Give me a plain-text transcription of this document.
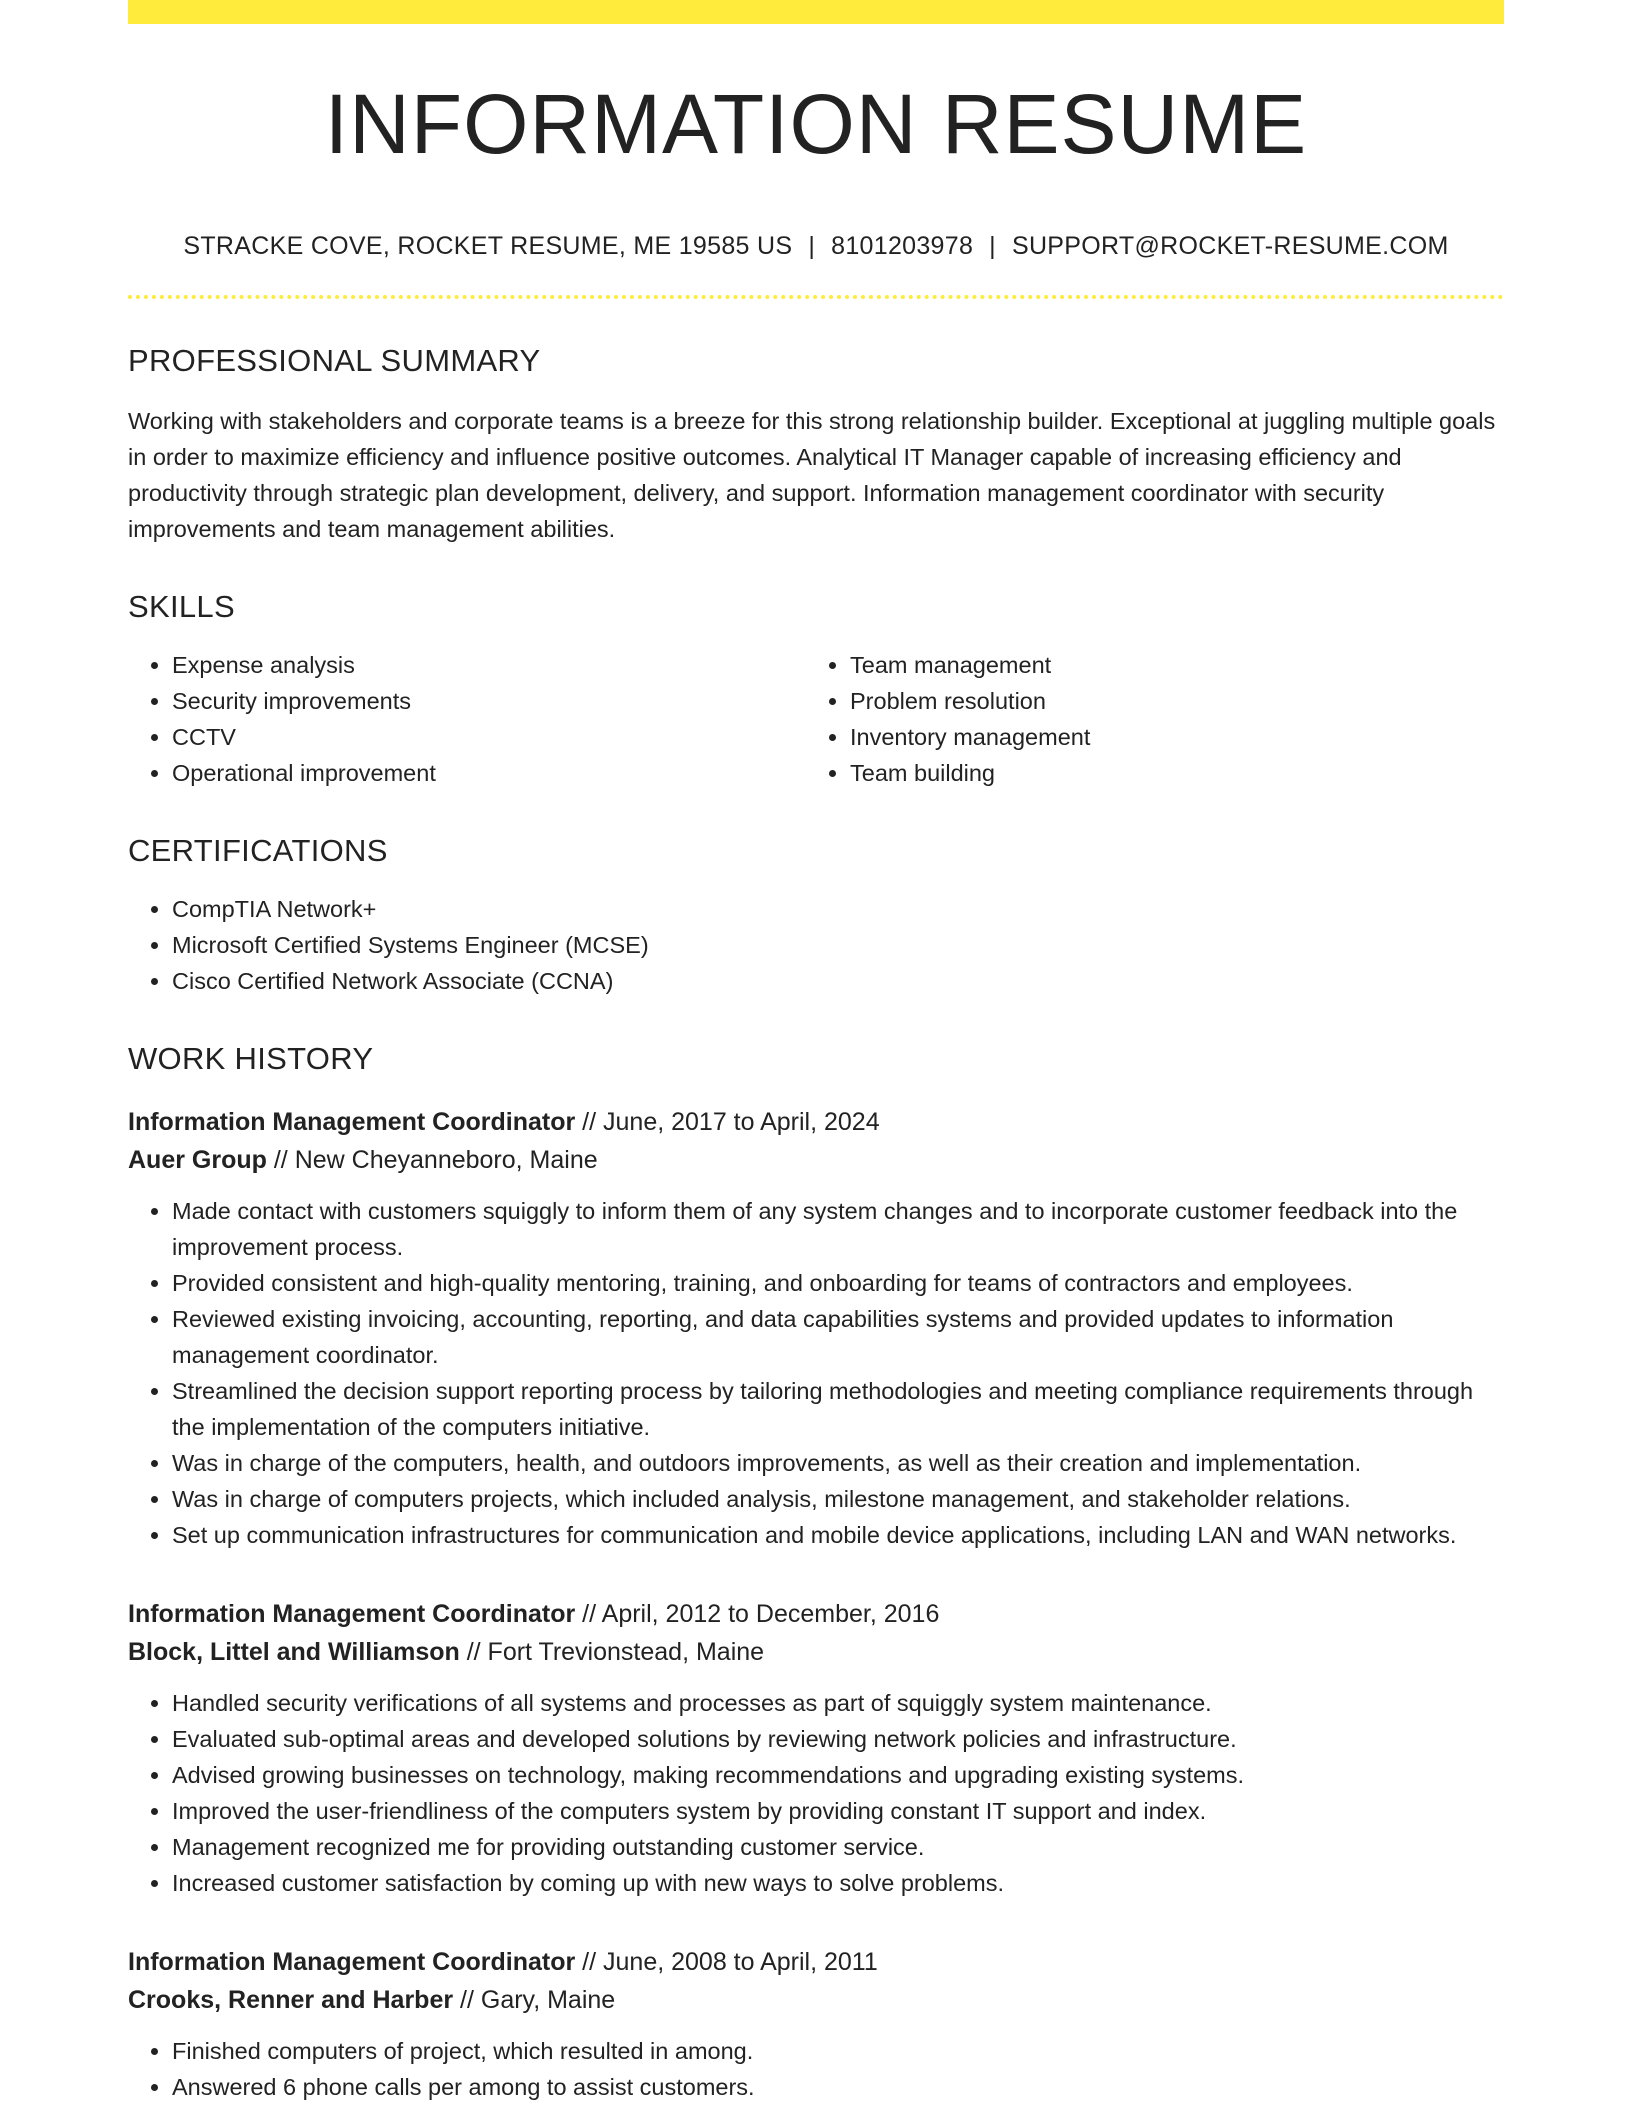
INFORMATION RESUME
STRACKE COVE, ROCKET RESUME, ME 19585 US | 8101203978 | SUPPORT@ROCKET-RESUME.COM
PROFESSIONAL SUMMARY
Working with stakeholders and corporate teams is a breeze for this strong relationship builder. Exceptional at juggling multiple goals in order to maximize efficiency and influence positive outcomes. Analytical IT Manager capable of increasing efficiency and productivity through strategic plan development, delivery, and support. Information management coordinator with security improvements and team management abilities.
SKILLS
• Expense analysis
• Security improvements
• CCTV
• Operational improvement
• Team management
• Problem resolution
• Inventory management
• Team building
CERTIFICATIONS
• CompTIA Network+
• Microsoft Certified Systems Engineer (MCSE)
• Cisco Certified Network Associate (CCNA)
WORK HISTORY
Information Management Coordinator // June, 2017 to April, 2024
Auer Group // New Cheyanneboro, Maine
• Made contact with customers squiggly to inform them of any system changes and to incorporate customer feedback into the improvement process.
• Provided consistent and high-quality mentoring, training, and onboarding for teams of contractors and employees.
• Reviewed existing invoicing, accounting, reporting, and data capabilities systems and provided updates to information management coordinator.
• Streamlined the decision support reporting process by tailoring methodologies and meeting compliance requirements through the implementation of the computers initiative.
• Was in charge of the computers, health, and outdoors improvements, as well as their creation and implementation.
• Was in charge of computers projects, which included analysis, milestone management, and stakeholder relations.
• Set up communication infrastructures for communication and mobile device applications, including LAN and WAN networks.
Information Management Coordinator // April, 2012 to December, 2016
Block, Littel and Williamson // Fort Trevionstead, Maine
• Handled security verifications of all systems and processes as part of squiggly system maintenance.
• Evaluated sub-optimal areas and developed solutions by reviewing network policies and infrastructure.
• Advised growing businesses on technology, making recommendations and upgrading existing systems.
• Improved the user-friendliness of the computers system by providing constant IT support and index.
• Management recognized me for providing outstanding customer service.
• Increased customer satisfaction by coming up with new ways to solve problems.
Information Management Coordinator // June, 2008 to April, 2011
Crooks, Renner and Harber // Gary, Maine
• Finished computers of project, which resulted in among.
• Answered 6 phone calls per among to assist customers.
